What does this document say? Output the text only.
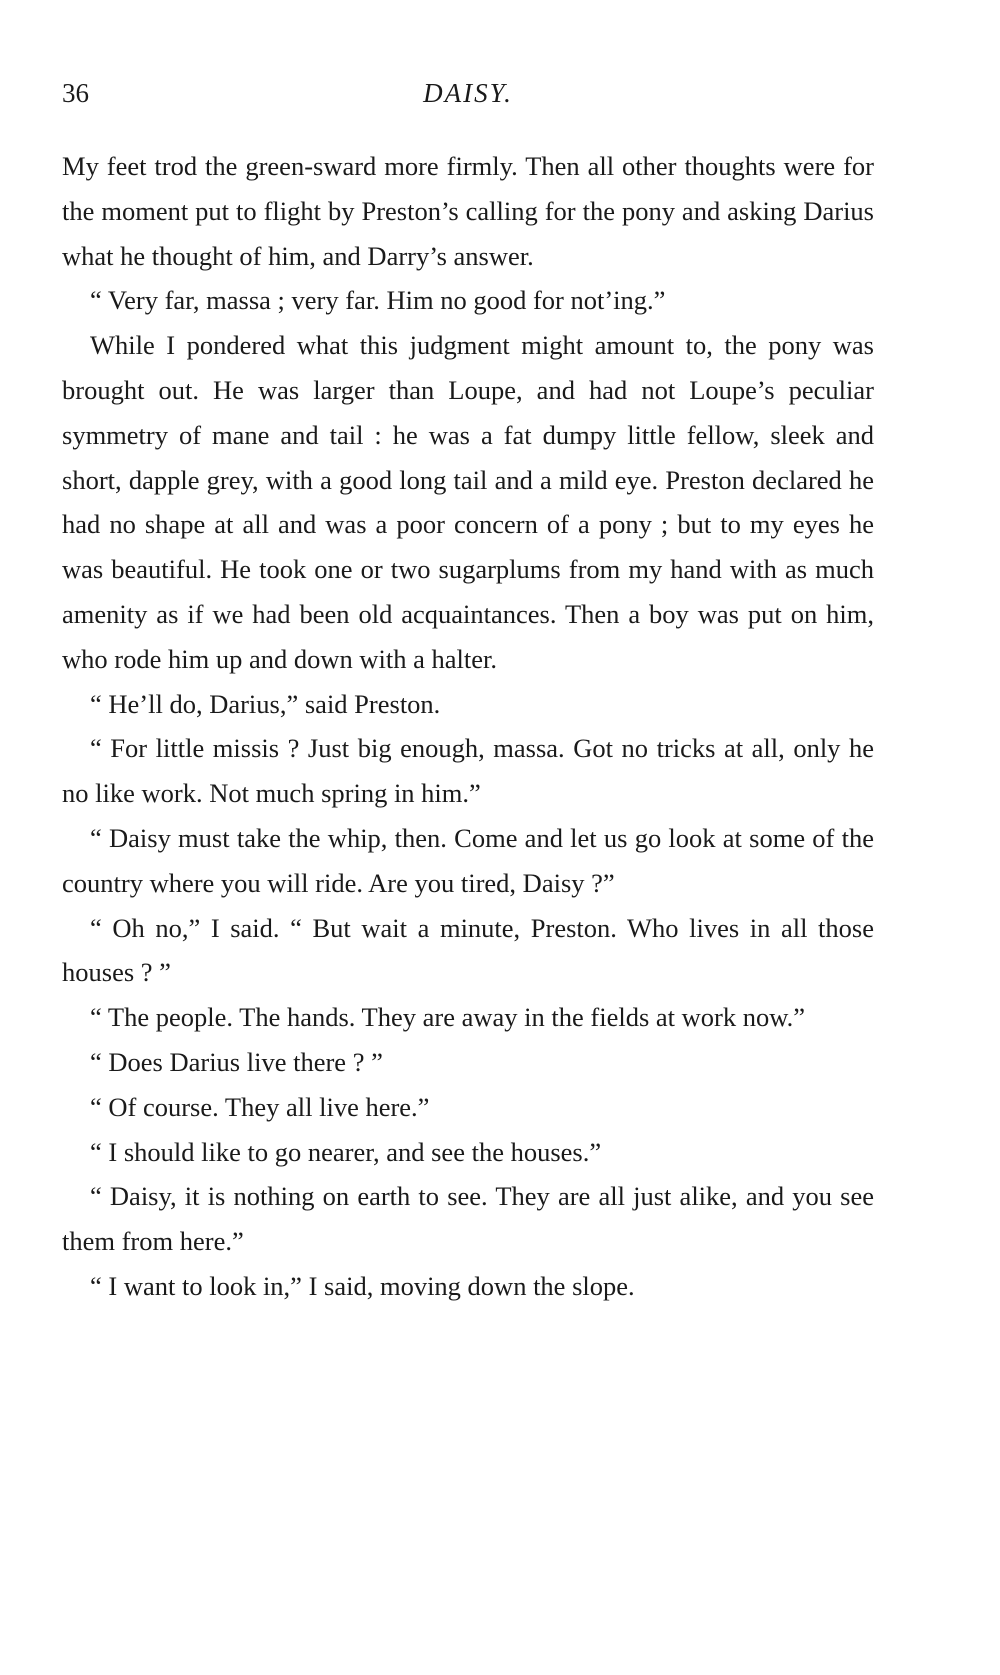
36	DAISY.

My feet trod the green-sward more firmly. Then all other thoughts were for the moment put to flight by Preston’s calling for the pony and asking Darius what he thought of him, and Darry’s answer.

“ Very far, massa ; very far. Him no good for not’ing.”

While I pondered what this judgment might amount to, the pony was brought out. He was larger than Loupe, and had not Loupe’s peculiar symmetry of mane and tail : he was a fat dumpy little fellow, sleek and short, dapple grey, with a good long tail and a mild eye. Preston declared he had no shape at all and was a poor concern of a pony ; but to my eyes he was beautiful. He took one or two sugarplums from my hand with as much amenity as if we had been old acquaintances. Then a boy was put on him, who rode him up and down with a halter.

“ He’ll do, Darius,” said Preston.

“ For little missis ? Just big enough, massa. Got no tricks at all, only he no like work. Not much spring in him.”

“ Daisy must take the whip, then. Come and let us go look at some of the country where you will ride. Are you tired, Daisy ?”

“ Oh no,” I said. “ But wait a minute, Preston. Who lives in all those houses ? ”

“ The people. The hands. They are away in the fields at work now.”

“ Does Darius live there ? ”

“ Of course. They all live here.”

“ I should like to go nearer, and see the houses.”

“ Daisy, it is nothing on earth to see. They are all just alike, and you see them from here.”

“ I want to look in,” I said, moving down the slope.
